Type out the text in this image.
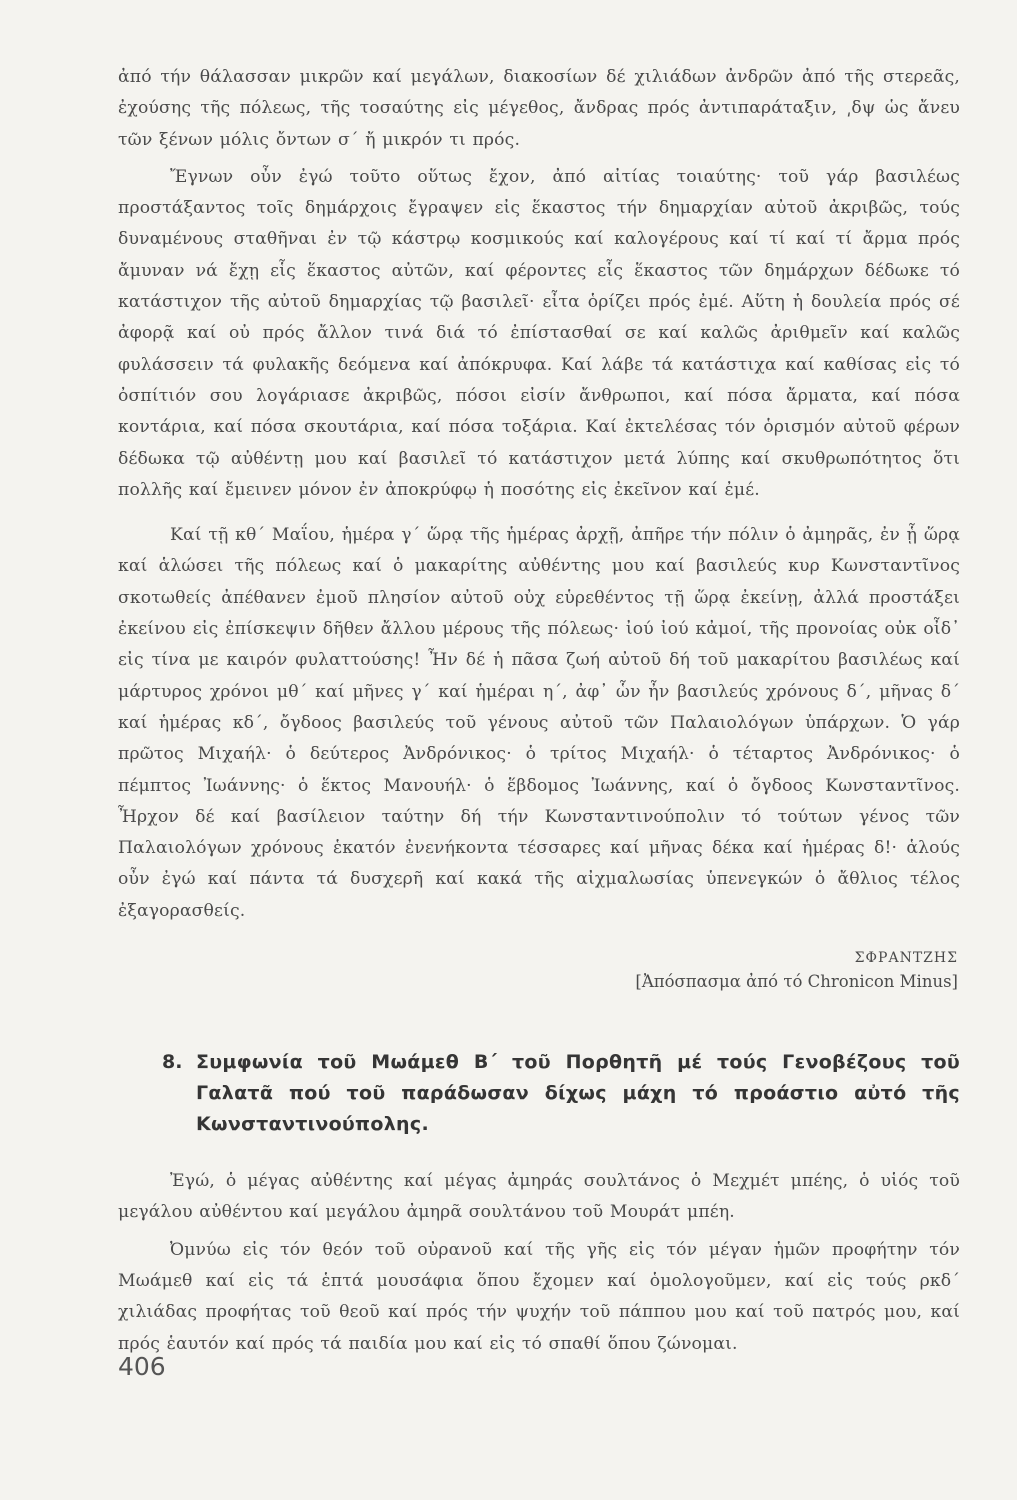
ἀπό τήν θάλασσαν μικρῶν καί μεγάλων, διακοσίων δέ χιλιάδων ἀνδρῶν ἀπό τῆς στερεᾶς, ἐχούσης τῆς πόλεως, τῆς τοσαύτης εἰς μέγεθος, ἄνδρας πρός ἀντιπαράταξιν, ͵δψ ὡς ἄνευ τῶν ξένων μόλις ὄντων σ΄ ἤ μικρόν τι πρός.

Ἔγνων οὖν ἐγώ τοῦτο οὕτως ἔχον, ἀπό αἰτίας τοιαύτης· τοῦ γάρ βασιλέως προστάξαντος τοῖς δημάρχοις ἔγραψεν εἰς ἕκαστος τήν δημαρχίαν αὐτοῦ ἀκριβῶς, τούς δυναμένους σταθῆναι ἐν τῷ κάστρῳ κοσμικούς καί καλογέρους καί τί καί τί ἄρμα πρός ἄμυναν νά ἔχῃ εἷς ἕκαστος αὐτῶν, καί φέροντες εἷς ἕκαστος τῶν δημάρχων δέδωκε τό κατάστιχον τῆς αὐτοῦ δημαρχίας τῷ βασιλεῖ· εἶτα ὁρίζει πρός ἐμέ. Αὕτη ἡ δουλεία πρός σέ ἀφορᾷ καί οὐ πρός ἄλλον τινά διά τό ἐπίστασθαί σε καί καλῶς ἀριθμεῖν καί καλῶς φυλάσσειν τά φυλακῆς δεόμενα καί ἀπόκρυφα. Καί λάβε τά κατάστιχα καί καθίσας εἰς τό ὀσπίτιόν σου λογάριασε ἀκριβῶς, πόσοι εἰσίν ἄνθρωποι, καί πόσα ἄρματα, καί πόσα κοντάρια, καί πόσα σκουτάρια, καί πόσα τοξάρια. Καί ἐκτελέσας τόν ὁρισμόν αὐτοῦ φέρων δέδωκα τῷ αὐθέντῃ μου καί βασιλεῖ τό κατάστιχον μετά λύπης καί σκυθρωπότητος ὅτι πολλῆς καί ἔμεινεν μόνον ἐν ἀποκρύφῳ ἡ ποσότης εἰς ἐκεῖνον καί ἐμέ.

Καί τῇ κθ΄ Μαΐου, ἡμέρα γ΄ ὥρᾳ τῆς ἡμέρας ἀρχῇ, ἀπῆρε τήν πόλιν ὁ ἀμηρᾶς, ἐν ᾗ ὥρᾳ καί ἁλώσει τῆς πόλεως καί ὁ μακαρίτης αὐθέντης μου καί βασιλεύς κυρ Κωνσταντῖνος σκοτωθείς ἀπέθανεν ἐμοῦ πλησίον αὐτοῦ οὐχ εὑρεθέντος τῇ ὥρᾳ ἐκείνῃ, ἀλλά προστάξει ἐκείνου εἰς ἐπίσκεψιν δῆθεν ἄλλου μέρους τῆς πόλεως· ἰού ἰού κἀμοί, τῆς προνοίας οὐκ οἶδ᾽ εἰς τίνα με καιρόν φυλαττούσης! Ἦν δέ ἡ πᾶσα ζωή αὐτοῦ δή τοῦ μακαρίτου βασιλέως καί μάρτυρος χρόνοι μθ΄ καί μῆνες γ΄ καί ἡμέραι η΄, ἀφ᾽ ὧν ἦν βασιλεύς χρόνους δ΄, μῆνας δ΄ καί ἡμέρας κδ΄, ὄγδοος βασιλεύς τοῦ γένους αὐτοῦ τῶν Παλαιολόγων ὑπάρχων. Ὁ γάρ πρῶτος Μιχαήλ· ὁ δεύτερος Ἀνδρόνικος· ὁ τρίτος Μιχαήλ· ὁ τέταρτος Ἀνδρόνικος· ὁ πέμπτος Ἰωάννης· ὁ ἕκτος Μανουήλ· ὁ ἕβδομος Ἰωάννης, καί ὁ ὄγδοος Κωνσταντῖνος. Ἦρχον δέ καί βασίλειον ταύτην δή τήν Κωνσταντινούπολιν τό τούτων γένος τῶν Παλαιολόγων χρόνους ἑκατόν ἐνενήκοντα τέσσαρες καί μῆνας δέκα καί ἡμέρας δ!· ἁλούς οὖν ἐγώ καί πάντα τά δυσχερῆ καί κακά τῆς αἰχμαλωσίας ὑπενεγκών ὁ ἄθλιος τέλος ἐξαγορασθείς.

ΣΦΡΑΝΤΖΗΣ
[Ἀπόσπασμα ἀπό τό Chronicon Minus]
8. Συμφωνία τοῦ Μωάμεθ Β΄ τοῦ Πορθητῆ μέ τούς Γενοβέζους τοῦ Γαλατᾶ πού τοῦ παράδωσαν δίχως μάχη τό προάστιο αὐτό τῆς Κωνσταντινούπολης.

Ἐγώ, ὁ μέγας αὐθέντης καί μέγας ἀμηράς σουλτάνος ὁ Μεχμέτ μπέης, ὁ υἱός τοῦ μεγάλου αὐθέντου καί μεγάλου ἀμηρᾶ σουλτάνου τοῦ Μουράτ μπέη.

Ὀμνύω εἰς τόν θεόν τοῦ οὐρανοῦ καί τῆς γῆς εἰς τόν μέγαν ἡμῶν προφήτην τόν Μωάμεθ καί εἰς τά ἑπτά μουσάφια ὅπου ἔχομεν καί ὁμολογοῦμεν, καί εἰς τούς ρκδ΄ χιλιάδας προφήτας τοῦ θεοῦ καί πρός τήν ψυχήν τοῦ πάππου μου καί τοῦ πατρός μου, καί πρός ἑαυτόν καί πρός τά παιδία μου καί εἰς τό σπαθί ὅπου ζώνομαι.

406
